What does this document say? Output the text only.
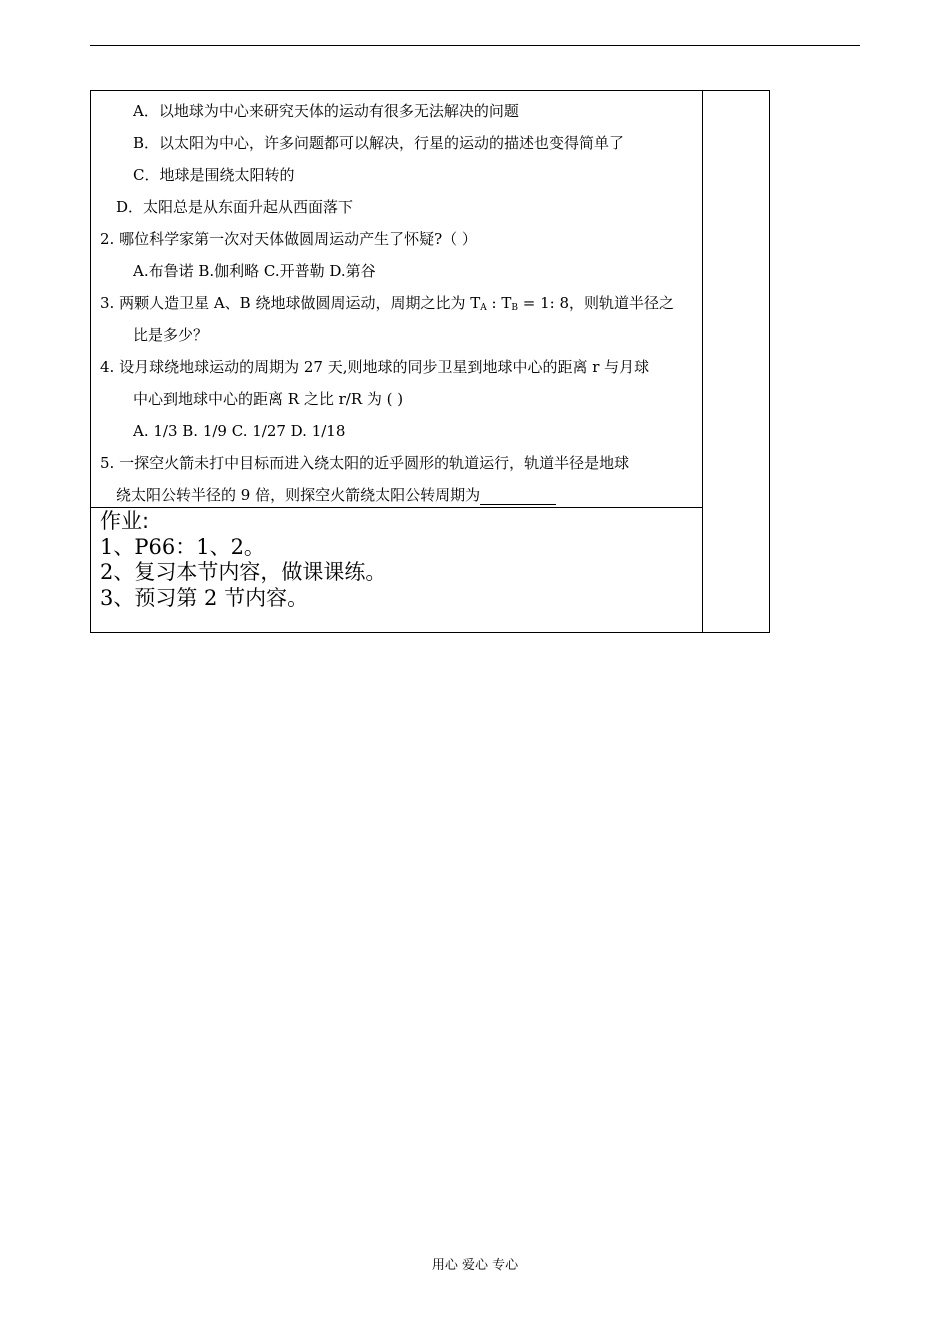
A．以地球为中心来研究天体的运动有很多无法解决的问题
B．以太阳为中心，许多问题都可以解决，行星的运动的描述也变得简单了
C．地球是围绕太阳转的
D．太阳总是从东面升起从西面落下
2. 哪位科学家第一次对天体做圆周运动产生了怀疑?（ ）
A.布鲁诺 B.伽利略 C.开普勒 D.第谷
3. 两颗人造卫星 A、B 绕地球做圆周运动，周期之比为 $T_A$ : $T_B = 1$: 8，则轨道半径之
比是多少？
4. 设月球绕地球运动的周期为 27 天,则地球的同步卫星到地球中心的距离 r 与月球
中心到地球中心的距离 R 之比 r/R 为 ( )
A. 1/3 B. 1/9 C. 1/27 D. 1/18
5. 一探空火箭未打中目标而进入绕太阳的近乎圆形的轨道运行，轨道半径是地球
绕太阳公转半径的 9 倍，则探空火箭绕太阳公转周期为
作业:
1、P66：1、2。
2、复习本节内容，做课课练。
3、预习第 2 节内容。
用心 爱心 专心
